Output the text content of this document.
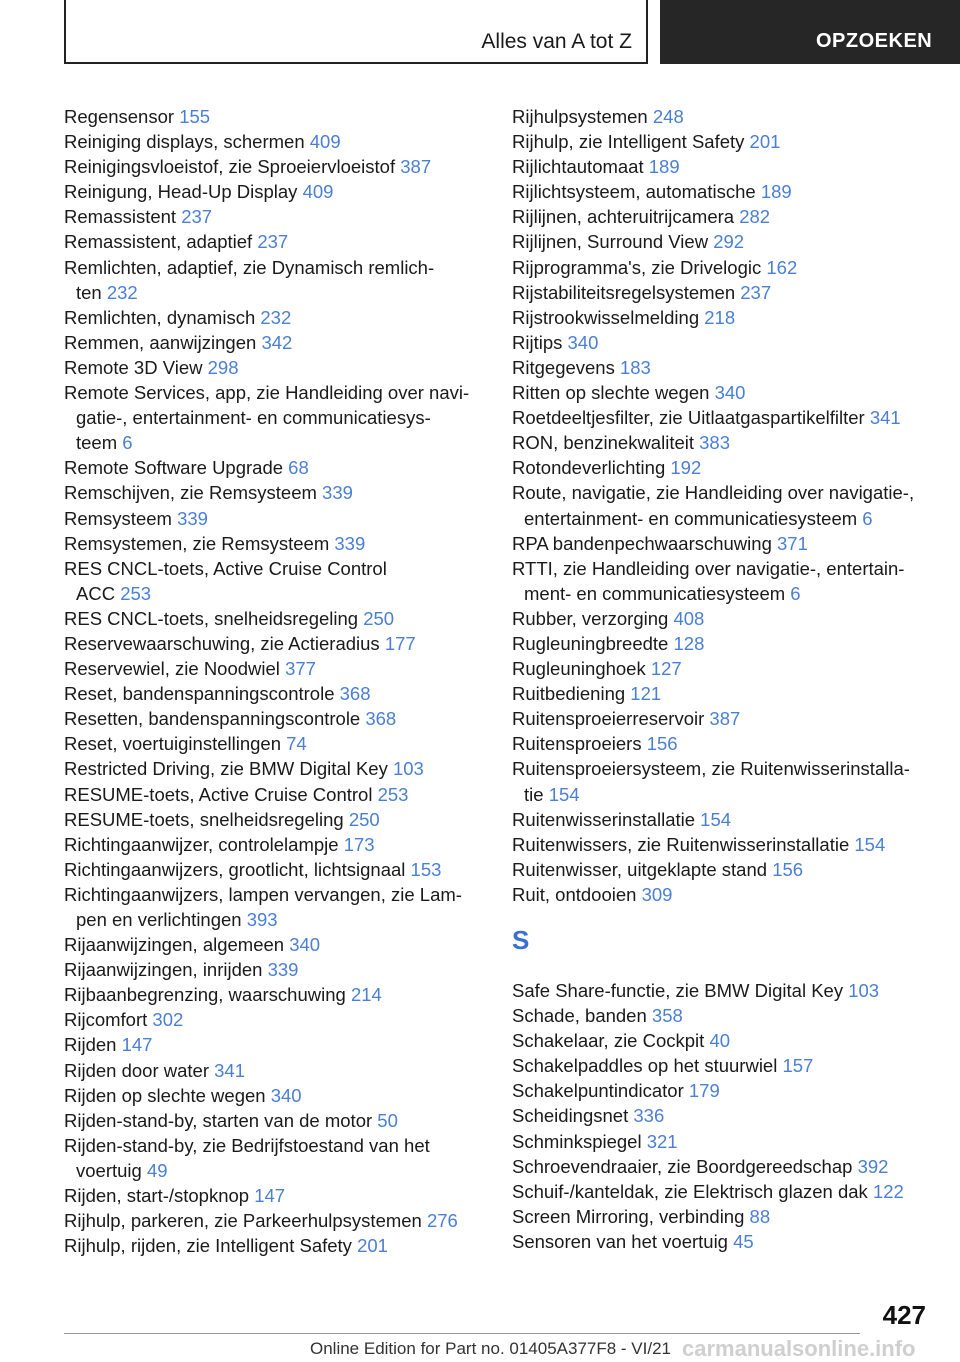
Alles van A tot Z	OPZOEKEN
Regensensor 155
Reiniging displays, schermen 409
Reinigingsvloeistof, zie Sproeiervloeistof 387
Reinigung, Head-Up Display 409
Remassistent 237
Remassistent, adaptief 237
Remlichten, adaptief, zie Dynamisch remlich-
ten 232
Remlichten, dynamisch 232
Remmen, aanwijzingen 342
Remote 3D View 298
Remote Services, app, zie Handleiding over navi-
gatie-, entertainment- en communicatiesys-
teem 6
Remote Software Upgrade 68
Remschijven, zie Remsysteem 339
Remsysteem 339
Remsystemen, zie Remsysteem 339
RES CNCL-toets, Active Cruise Control
ACC 253
RES CNCL-toets, snelheidsregeling 250
Reservewaarschuwing, zie Actieradius 177
Reservewiel, zie Noodwiel 377
Reset, bandenspanningscontrole 368
Resetten, bandenspanningscontrole 368
Reset, voertuiginstellingen 74
Restricted Driving, zie BMW Digital Key 103
RESUME-toets, Active Cruise Control 253
RESUME-toets, snelheidsregeling 250
Richtingaanwijzer, controlelampje 173
Richtingaanwijzers, grootlicht, lichtsignaal 153
Richtingaanwijzers, lampen vervangen, zie Lam-
pen en verlichtingen 393
Rijaanwijzingen, algemeen 340
Rijaanwijzingen, inrijden 339
Rijbaanbegrenzing, waarschuwing 214
Rijcomfort 302
Rijden 147
Rijden door water 341
Rijden op slechte wegen 340
Rijden-stand-by, starten van de motor 50
Rijden-stand-by, zie Bedrijfstoestand van het
voertuig 49
Rijden, start-/stopknop 147
Rijhulp, parkeren, zie Parkeerhulpsystemen 276
Rijhulp, rijden, zie Intelligent Safety 201
Rijhulpsystemen 248
Rijhulp, zie Intelligent Safety 201
Rijlichtautomaat 189
Rijlichtsysteem, automatische 189
Rijlijnen, achteruitrijcamera 282
Rijlijnen, Surround View 292
Rijprogramma's, zie Drivelogic 162
Rijstabiliteitsregelsystemen 237
Rijstrookwisselmelding 218
Rijtips 340
Ritgegevens 183
Ritten op slechte wegen 340
Roetdeeltjesfilter, zie Uitlaatgaspartikelfilter 341
RON, benzinekwaliteit 383
Rotondeverlichting 192
Route, navigatie, zie Handleiding over navigatie-,
entertainment- en communicatiesysteem 6
RPA bandenpechwaarschuwing 371
RTTI, zie Handleiding over navigatie-, entertain-
ment- en communicatiesysteem 6
Rubber, verzorging 408
Rugleuningbreedte 128
Rugleuninghoek 127
Ruitbediening 121
Ruitensproeierreservoir 387
Ruitensproeiers 156
Ruitensproeiersysteem, zie Ruitenwisserinstalla-
tie 154
Ruitenwisserinstallatie 154
Ruitenwissers, zie Ruitenwisserinstallatie 154
Ruitenwisser, uitgeklapte stand 156
Ruit, ontdooien 309
S
Safe Share-functie, zie BMW Digital Key 103
Schade, banden 358
Schakelaar, zie Cockpit 40
Schakelpaddles op het stuurwiel 157
Schakelpuntindicator 179
Scheidingsnet 336
Schminkspiegel 321
Schroevendraaier, zie Boordgereedschap 392
Schuif-/kanteldak, zie Elektrisch glazen dak 122
Screen Mirroring, verbinding 88
Sensoren van het voertuig 45
427
Online Edition for Part no. 01405A377F8 - VI/21 carmanualsonline.info
